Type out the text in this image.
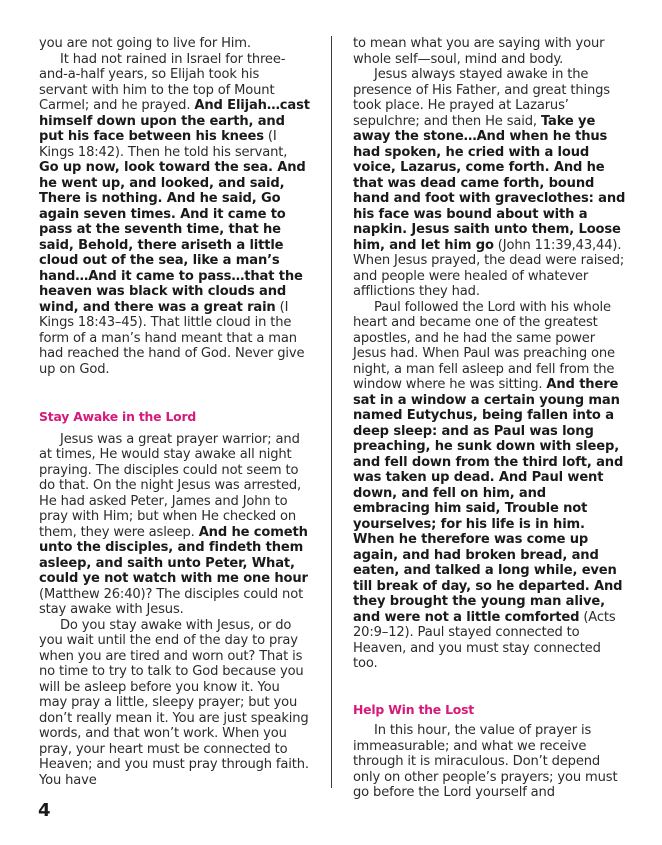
you are not going to live for Him.

It had not rained in Israel for three-and-a-half years, so Elijah took his servant with him to the top of Mount Carmel; and he prayed. And Elijah…cast himself down upon the earth, and put his face between his knees (I Kings 18:42). Then he told his servant, Go up now, look toward the sea. And he went up, and looked, and said, There is nothing. And he said, Go again seven times. And it came to pass at the seventh time, that he said, Behold, there ariseth a little cloud out of the sea, like a man’s hand…And it came to pass…that the heaven was black with clouds and wind, and there was a great rain (I Kings 18:43–45). That little cloud in the form of a man’s hand meant that a man had reached the hand of God. Never give up on God.

Stay Awake in the Lord

Jesus was a great prayer warrior; and at times, He would stay awake all night praying. The disciples could not seem to do that. On the night Jesus was arrested, He had asked Peter, James and John to pray with Him; but when He checked on them, they were asleep. And he cometh unto the disciples, and findeth them asleep, and saith unto Peter, What, could ye not watch with me one hour (Matthew 26:40)? The disciples could not stay awake with Jesus.

Do you stay awake with Jesus, or do you wait until the end of the day to pray when you are tired and worn out? That is no time to try to talk to God because you will be asleep before you know it. You may pray a little, sleepy prayer; but you don’t really mean it. You are just speaking words, and that won’t work. When you pray, your heart must be connected to Heaven; and you must pray through faith. You have

to mean what you are saying with your whole self—soul, mind and body.

Jesus always stayed awake in the presence of His Father, and great things took place. He prayed at Lazarus’ sepulchre; and then He said, Take ye away the stone…And when he thus had spoken, he cried with a loud voice, Lazarus, come forth. And he that was dead came forth, bound hand and foot with graveclothes: and his face was bound about with a napkin. Jesus saith unto them, Loose him, and let him go (John 11:39,43,44). When Jesus prayed, the dead were raised; and people were healed of whatever afflictions they had.

Paul followed the Lord with his whole heart and became one of the greatest apostles, and he had the same power Jesus had. When Paul was preaching one night, a man fell asleep and fell from the window where he was sitting. And there sat in a window a certain young man named Eutychus, being fallen into a deep sleep: and as Paul was long preaching, he sunk down with sleep, and fell down from the third loft, and was taken up dead. And Paul went down, and fell on him, and embracing him said, Trouble not yourselves; for his life is in him. When he therefore was come up again, and had broken bread, and eaten, and talked a long while, even till break of day, so he departed. And they brought the young man alive, and were not a little comforted (Acts 20:9–12). Paul stayed connected to Heaven, and you must stay connected too.

Help Win the Lost

In this hour, the value of prayer is immeasurable; and what we receive through it is miraculous. Don’t depend only on other people’s prayers; you must go before the Lord yourself and

4
